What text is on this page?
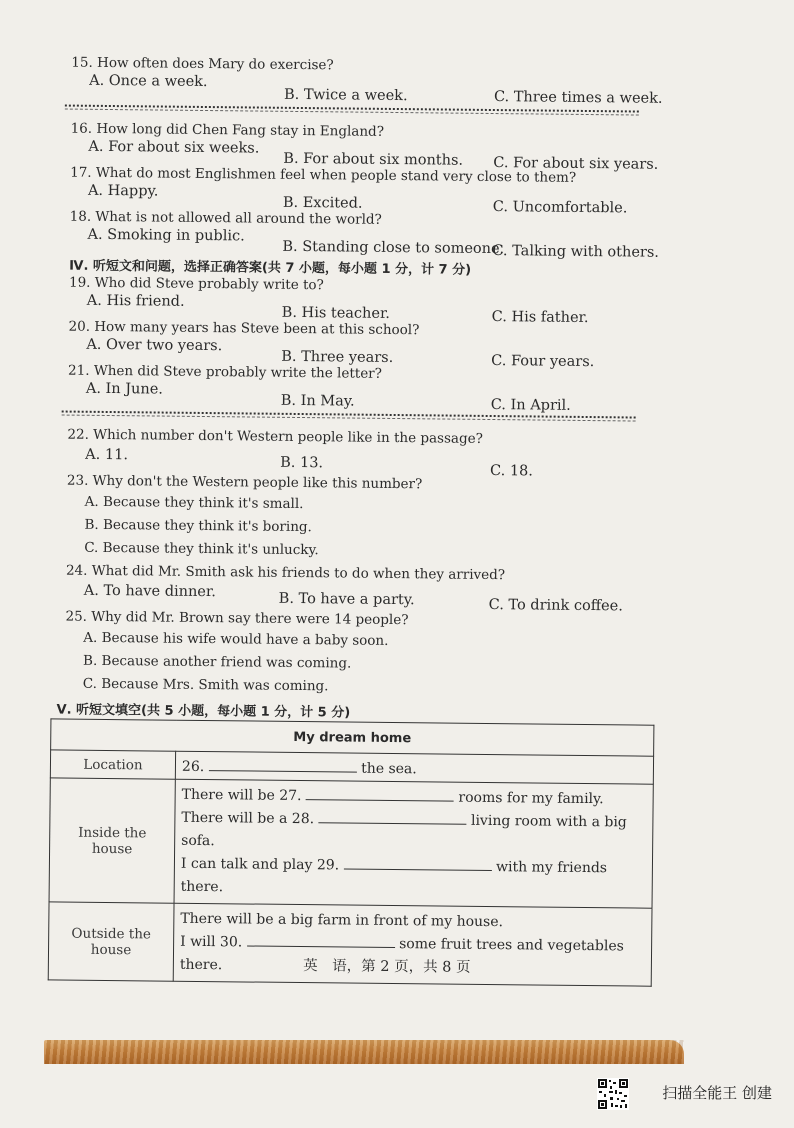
15. How often does Mary do exercise?
A. Once a week.
B. Twice a week.	C. Three times a week.
16. How long did Chen Fang stay in England?
A. For about six weeks.
B. For about six months. C. For about six years.
17. What do most Englishmen feel when people stand very close to them?
A. Happy.
B. Excited.	C. Uncomfortable.
18. What is not allowed all around the world?
A. Smoking in public.
B. Standing close to someone.
C. Talking with others.
Ⅳ. 听短文和问题，选择正确答案(共 7 小题，每小题 1 分，计 7 分)
19. Who did Steve probably write to?
A. His friend.
B. His teacher.	C. His father.
20. How many years has Steve been at this school?
A. Over two years.
B. Three years.	C. Four years.
21. When did Steve probably write the letter?
A. In June.
B. In May.	C. In April.
22. Which number don't Western people like in the passage?
A. 11.	B. 13.	C. 18.
23. Why don't the Western people like this number?
A. Because they think it's small.
B. Because they think it's boring.
C. Because they think it's unlucky.
24. What did Mr. Smith ask his friends to do when they arrived?
A. To have dinner.	B. To have a party.	C. To drink coffee.
25. Why did Mr. Brown say there were 14 people?
A. Because his wife would have a baby soon.
B. Because another friend was coming.
C. Because Mrs. Smith was coming.
Ⅴ. 听短文填空(共 5 小题，每小题 1 分，计 5 分)
My dream home	
Location	26. the sea.
Inside the house	There will be 27. rooms for my family.
There will be a 28. living room with a big sofa.
I can talk and play 29. with my friends there.

Outside the house	There will be a big farm in front of my house.
I will 30. some fruit trees and vegetables there.	英　语，第 2 页，共 8 页
扫描全能王 创建
